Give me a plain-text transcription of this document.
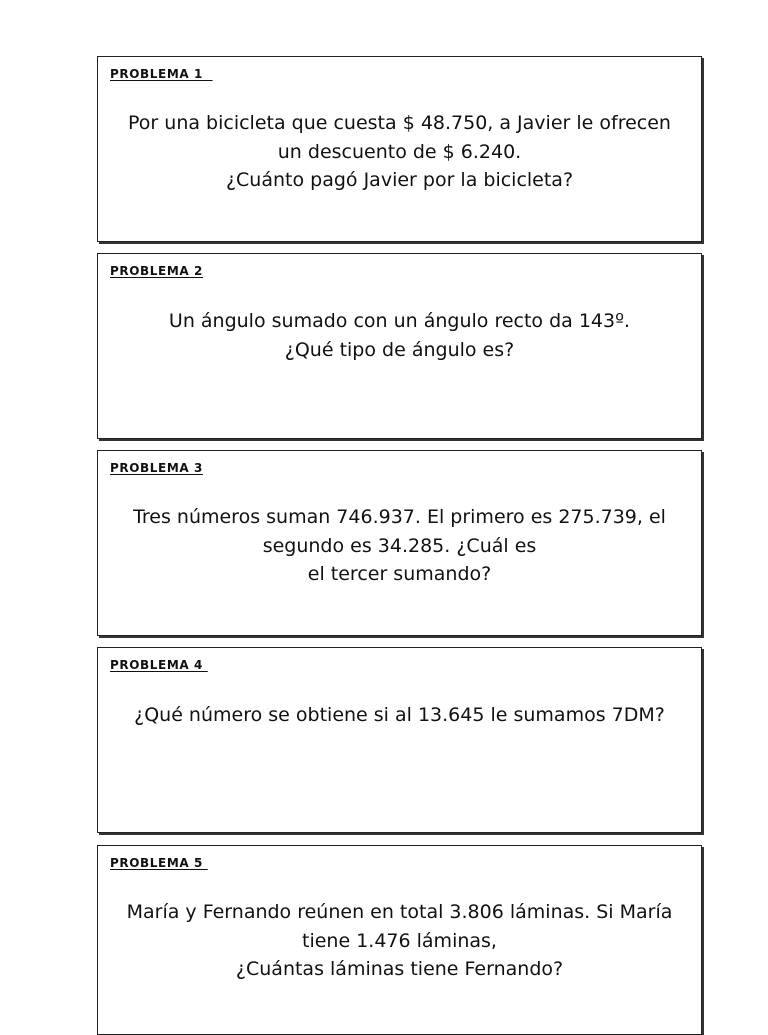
PROBLEMA 1
Por una bicicleta que cuesta $ 48.750, a Javier le ofrecen
un descuento de $ 6.240.
¿Cuánto pagó Javier por la bicicleta?
PROBLEMA 2
Un ángulo sumado con un ángulo recto da 143º.
¿Qué tipo de ángulo es?
PROBLEMA 3
Tres números suman 746.937. El primero es 275.739, el
segundo es 34.285. ¿Cuál es
el tercer sumando?
PROBLEMA 4
¿Qué número se obtiene si al 13.645 le sumamos 7DM?
PROBLEMA 5
María y Fernando reúnen en total 3.806 láminas. Si María
tiene 1.476 láminas,
¿Cuántas láminas tiene Fernando?
